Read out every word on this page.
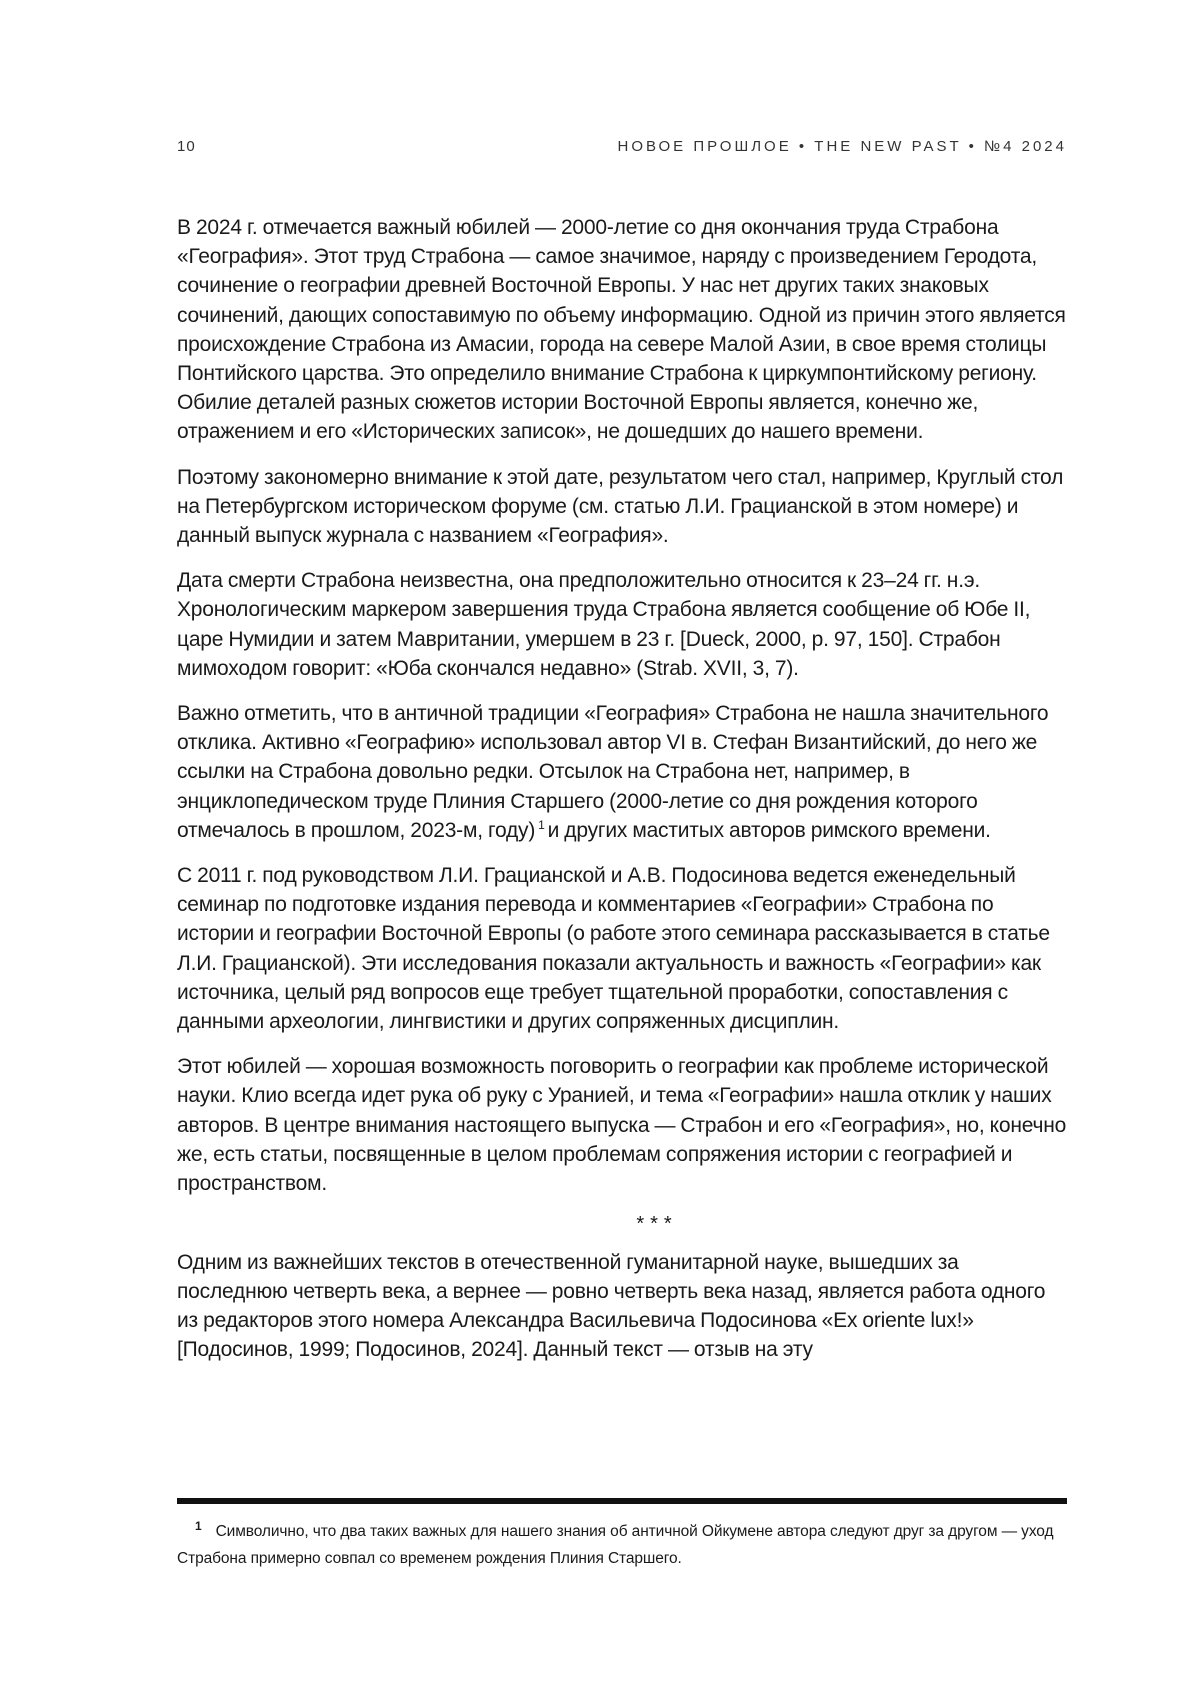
10	НОВОЕ ПРОШЛОЕ • THE NEW PAST • №4 2024

В 2024 г. отмечается важный юбилей — 2000-летие со дня окончания труда Страбона «География». Этот труд Страбона — самое значимое, наряду с произведением Геродота, сочинение о географии древней Восточной Европы. У нас нет других таких знаковых сочинений, дающих сопоставимую по объему информацию. Одной из причин этого является происхождение Страбона из Амасии, города на севере Малой Азии, в свое время столицы Понтийского царства. Это определило внимание Страбона к циркумпонтийскому региону. Обилие деталей разных сюжетов истории Восточной Европы является, конечно же, отражением и его «Исторических записок», не дошедших до нашего времени.

Поэтому закономерно внимание к этой дате, результатом чего стал, например, Круглый стол на Петербургском историческом форуме (см. статью Л.И. Грацианской в этом номере) и данный выпуск журнала с названием «География».

Дата смерти Страбона неизвестна, она предположительно относится к 23–24 гг. н.э. Хронологическим маркером завершения труда Страбона является сообщение об Юбе II, царе Нумидии и затем Мавритании, умершем в 23 г. [Dueck, 2000, p. 97, 150]. Страбон мимоходом говорит: «Юба скончался недавно» (Strab. XVII, 3, 7).

Важно отметить, что в античной традиции «География» Страбона не нашла значительного отклика. Активно «Географию» использовал автор VI в. Стефан Византийский, до него же ссылки на Страбона довольно редки. Отсылок на Страбона нет, например, в энциклопедическом труде Плиния Старшего (2000-летие со дня рождения которого отмечалось в прошлом, 2023-м, году) $^1$ и других маститых авторов римского времени.

С 2011 г. под руководством Л.И. Грацианской и А.В. Подосинова ведется еженедельный семинар по подготовке издания перевода и комментариев «Географии» Страбона по истории и географии Восточной Европы (о работе этого семинара рассказывается в статье Л.И. Грацианской). Эти исследования показали актуальность и важность «Географии» как источника, целый ряд вопросов еще требует тщательной проработки, сопоставления с данными археологии, лингвистики и других сопряженных дисциплин.

Этот юбилей — хорошая возможность поговорить о географии как проблеме исторической науки. Клио всегда идет рука об руку с Уранией, и тема «Географии» нашла отклик у наших авторов. В центре внимания настоящего выпуска — Страбон и его «География», но, конечно же, есть статьи, посвященные в целом проблемам сопряжения истории с географией и пространством.

***

Одним из важнейших текстов в отечественной гуманитарной науке, вышедших за последнюю четверть века, а вернее — ровно четверть века назад, является работа одного из редакторов этого номера Александра Васильевича Подосинова «Ex oriente lux!» [Подосинов, 1999; Подосинов, 2024]. Данный текст — отзыв на эту

$^1$ Символично, что два таких важных для нашего знания об античной Ойкумене автора следуют друг за другом — уход Страбона примерно совпал со временем рождения Плиния Старшего.
